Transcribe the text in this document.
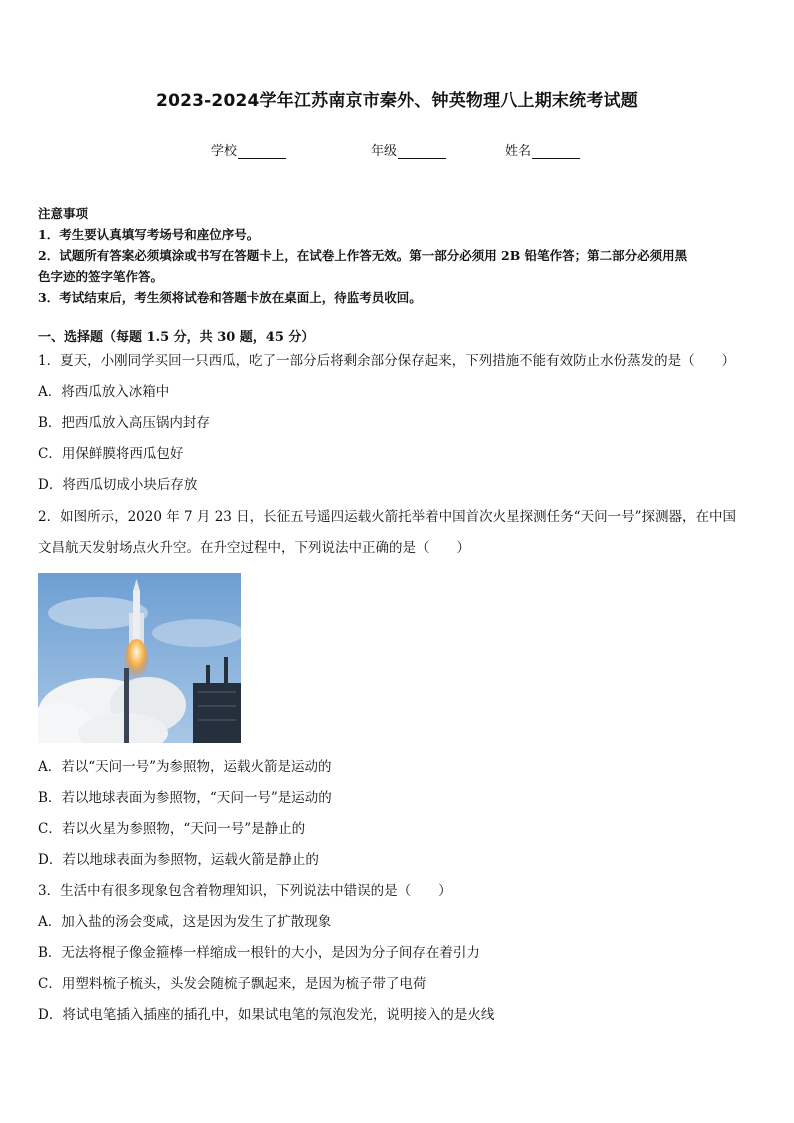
2023-2024学年江苏南京市秦外、钟英物理八上期末统考试题
学校	年级	姓名
注意事项
1．考生要认真填写考场号和座位序号。
2．试题所有答案必须填涂或书写在答题卡上，在试卷上作答无效。第一部分必须用 2B 铅笔作答；第二部分必须用黑
色字迹的签字笔作答。
3．考试结束后，考生须将试卷和答题卡放在桌面上，待监考员收回。
一、选择题（每题 1.5 分，共 30 题，45 分）
1．夏天，小刚同学买回一只西瓜，吃了一部分后将剩余部分保存起来，下列措施不能有效防止水份蒸发的是（　　）
A．将西瓜放入冰箱中
B．把西瓜放入高压锅内封存
C．用保鲜膜将西瓜包好
D．将西瓜切成小块后存放
2．如图所示，2020 年 7 月 23 日，长征五号遥四运载火箭托举着中国首次火星探测任务“天问一号”探测器，在中国
文昌航天发射场点火升空。在升空过程中，下列说法中正确的是（　　）
A．若以“天问一号”为参照物，运载火箭是运动的
B．若以地球表面为参照物，“天问一号”是运动的
C．若以火星为参照物，“天问一号”是静止的
D．若以地球表面为参照物，运载火箭是静止的
3．生活中有很多现象包含着物理知识，下列说法中错误的是（　　）
A．加入盐的汤会变咸，这是因为发生了扩散现象
B．无法将棍子像金箍棒一样缩成一根针的大小，是因为分子间存在着引力
C．用塑料梳子梳头，头发会随梳子飘起来，是因为梳子带了电荷
D．将试电笔插入插座的插孔中，如果试电笔的氖泡发光，说明接入的是火线
